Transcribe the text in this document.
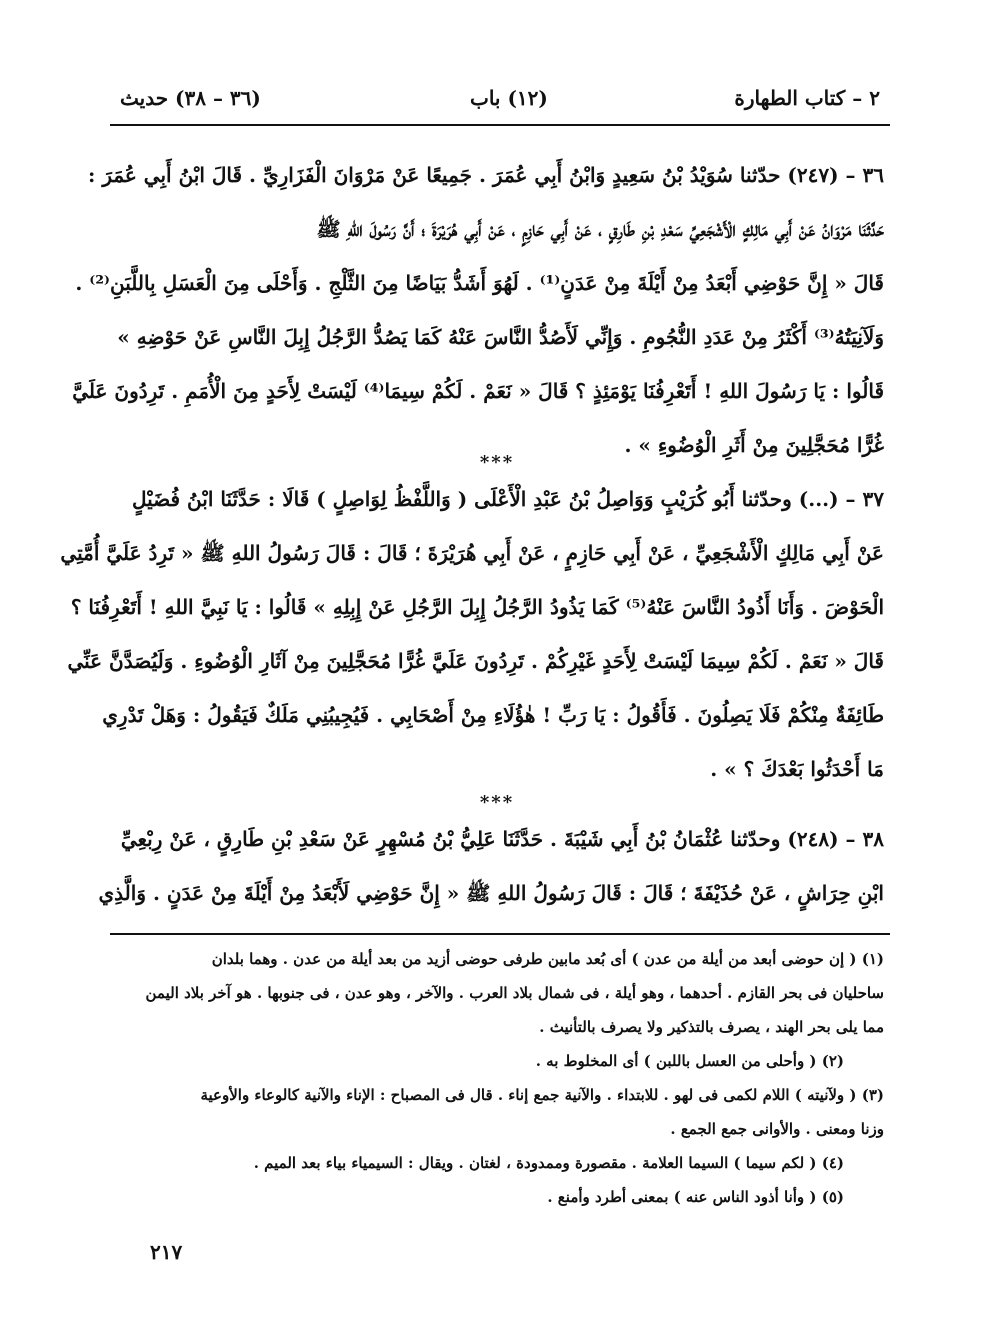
٢ – كتاب الطهارة
(١٢) باب
(٣٦ – ٣٨) حديث
٣٦ – (٢٤٧) حدّثنا سُوَيْدُ بْنُ سَعِيدٍ وَابْنُ أَبِي عُمَرَ . جَمِيعًا عَنْ مَرْوَانَ الْفَزَارِيِّ . قَالَ ابْنُ أَبِي عُمَرَ :
حَدَّثَنَا مَرْوَانُ عَنْ أَبِي مَالِكٍ الْأَشْجَعِيِّ سَعْدِ بْنِ طَارِقٍ ، عَنْ أَبِي حَازِمٍ ، عَنْ أَبِي هُرَيْرَةَ ؛ أَنَّ رَسُولَ اللهِ ﷺ
قَالَ « إِنَّ حَوْضِي أَبْعَدُ مِنْ أَيْلَةَ مِنْ عَدَنٍ⁽¹⁾ . لَهُوَ أَشَدُّ بَيَاضًا مِنَ الثَّلْجِ . وَأَحْلَى مِنَ الْعَسَلِ بِاللَّبَنِ⁽²⁾ .
وَلَآنِيَتُهُ⁽³⁾ أَكْثَرُ مِنْ عَدَدِ النُّجُومِ . وَإِنِّي لَأَصُدُّ النَّاسَ عَنْهُ كَمَا يَصُدُّ الرَّجُلُ إِبِلَ النَّاسِ عَنْ حَوْضِهِ »
قَالُوا : يَا رَسُولَ اللهِ ! أَتَعْرِفُنَا يَوْمَئِذٍ ؟ قَالَ « نَعَمْ . لَكُمْ سِيمَا⁽⁴⁾ لَيْسَتْ لِأَحَدٍ مِنَ الْأُمَمِ . تَرِدُونَ عَلَيَّ
غُرًّا مُحَجَّلِينَ مِنْ أَثَرِ الْوُضُوءِ » .
***
٣٧ – (...) وحدّثنا أَبُو كُرَيْبٍ وَوَاصِلُ بْنُ عَبْدِ الْأَعْلَى ( وَاللَّفْظُ لِوَاصِلٍ ) قَالَا : حَدَّثَنَا ابْنُ فُضَيْلٍ
عَنْ أَبِي مَالِكٍ الْأَشْجَعِيِّ ، عَنْ أَبِي حَازِمٍ ، عَنْ أَبِي هُرَيْرَةَ ؛ قَالَ : قَالَ رَسُولُ اللهِ ﷺ « تَرِدُ عَلَيَّ أُمَّتِي
الْحَوْضَ . وَأَنَا أَذُودُ النَّاسَ عَنْهُ⁽⁵⁾ كَمَا يَذُودُ الرَّجُلُ إِبِلَ الرَّجُلِ عَنْ إِبِلِهِ » قَالُوا : يَا نَبِيَّ اللهِ ! أَتَعْرِفُنَا ؟
قَالَ « نَعَمْ . لَكُمْ سِيمَا لَيْسَتْ لِأَحَدٍ غَيْرِكُمْ . تَرِدُونَ عَلَيَّ غُرًّا مُحَجَّلِينَ مِنْ آثَارِ الْوُضُوءِ . وَلَيُصَدَّنَّ عَنِّي
طَائِفَةٌ مِنْكُمْ فَلَا يَصِلُونَ . فَأَقُولُ : يَا رَبِّ ! هٰؤُلَاءِ مِنْ أَصْحَابِي . فَيُجِيبُنِي مَلَكٌ فَيَقُولُ : وَهَلْ تَدْرِي
مَا أَحْدَثُوا بَعْدَكَ ؟ » .
***
٣٨ – (٢٤٨) وحدّثنا عُثْمَانُ بْنُ أَبِي شَيْبَةَ . حَدَّثَنَا عَلِيُّ بْنُ مُسْهِرٍ عَنْ سَعْدِ بْنِ طَارِقٍ ، عَنْ رِبْعِيِّ
ابْنِ حِرَاشٍ ، عَنْ حُذَيْفَةَ ؛ قَالَ : قَالَ رَسُولُ اللهِ ﷺ « إِنَّ حَوْضِي لَأَبْعَدُ مِنْ أَيْلَةَ مِنْ عَدَنٍ . وَالَّذِي
(١) ( إن حوضى أبعد من أيلة من عدن ) أى بُعد مابين طرفى حوضى أزيد من بعد أيلة من عدن . وهما بلدان
ساحليان فى بحر القازم . أحدهما ، وهو أيلة ، فى شمال بلاد العرب . والآخر ، وهو عدن ، فى جنوبها . هو آخر بلاد اليمن
مما يلى بحر الهند ، يصرف بالتذكير ولا يصرف بالتأنيث .
(٢) ( وأحلى من العسل باللبن ) أى المخلوط به .
(٣) ( ولآنيته ) اللام لكمى فى لهو . للابتداء . والآنية جمع إناء . قال فى المصباح : الإناء والآنية كالوعاء والأوعية
وزنا ومعنى . والأوانى جمع الجمع .
(٤) ( لكم سيما ) السيما العلامة . مقصورة وممدودة ، لغتان . ويقال : السيمياء بياء بعد الميم .
(٥) ( وأنا أذود الناس عنه ) بمعنى أطرد وأمنع .
٢١٧
